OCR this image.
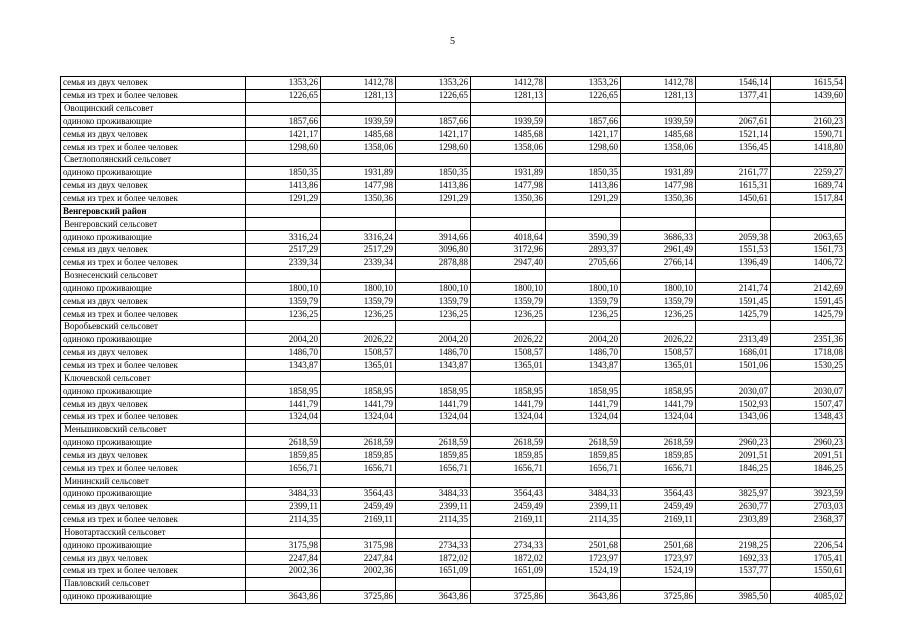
5
семья из двух человек	1353,26	1412,78	1353,26	1412,78	1353,26	1412,78	1546,14	1615,54
семья из трех и более человек	1226,65	1281,13	1226,65	1281,13	1226,65	1281,13	1377,41	1439,60
Овощинский сельсовет								
одиноко проживающие	1857,66	1939,59	1857,66	1939,59	1857,66	1939,59	2067,61	2160,23
семья из двух человек	1421,17	1485,68	1421,17	1485,68	1421,17	1485,68	1521,14	1590,71
семья из трех и более человек	1298,60	1358,06	1298,60	1358,06	1298,60	1358,06	1356,45	1418,80
Светлополянский сельсовет								
одиноко проживающие	1850,35	1931,89	1850,35	1931,89	1850,35	1931,89	2161,77	2259,27
семья из двух человек	1413,86	1477,98	1413,86	1477,98	1413,86	1477,98	1615,31	1689,74
семья из трех и более человек	1291,29	1350,36	1291,29	1350,36	1291,29	1350,36	1450,61	1517,84
Венгеровский район								
Венгеровский сельсовет								
одиноко проживающие	3316,24	3316,24	3914,66	4018,64	3590,39	3686,33	2059,38	2063,65
семья из двух человек	2517,29	2517,29	3096,80	3172,96	2893,37	2961,49	1551,53	1561,73
семья из трех и более человек	2339,34	2339,34	2878,88	2947,40	2705,66	2766,14	1396,49	1406,72
Вознесенский сельсовет								
одиноко проживающие	1800,10	1800,10	1800,10	1800,10	1800,10	1800,10	2141,74	2142,69
семья из двух человек	1359,79	1359,79	1359,79	1359,79	1359,79	1359,79	1591,45	1591,45
семья из трех и более человек	1236,25	1236,25	1236,25	1236,25	1236,25	1236,25	1425,79	1425,79
Воробьевский сельсовет								
одиноко проживающие	2004,20	2026,22	2004,20	2026,22	2004,20	2026,22	2313,49	2351,36
семья из двух человек	1486,70	1508,57	1486,70	1508,57	1486,70	1508,57	1686,01	1718,08
семья из трех и более человек	1343,87	1365,01	1343,87	1365,01	1343,87	1365,01	1501,06	1530,25
Ключевской сельсовет								
одиноко проживающие	1858,95	1858,95	1858,95	1858,95	1858,95	1858,95	2030,07	2030,07
семья из двух человек	1441,79	1441,79	1441,79	1441,79	1441,79	1441,79	1502,93	1507,47
семья из трех и более человек	1324,04	1324,04	1324,04	1324,04	1324,04	1324,04	1343,06	1348,43
Меньшиковский сельсовет								
одиноко проживающие	2618,59	2618,59	2618,59	2618,59	2618,59	2618,59	2960,23	2960,23
семья из двух человек	1859,85	1859,85	1859,85	1859,85	1859,85	1859,85	2091,51	2091,51
семья из трех и более человек	1656,71	1656,71	1656,71	1656,71	1656,71	1656,71	1846,25	1846,25
Мининский сельсовет								
одиноко проживающие	3484,33	3564,43	3484,33	3564,43	3484,33	3564,43	3825,97	3923,59
семья из двух человек	2399,11	2459,49	2399,11	2459,49	2399,11	2459,49	2630,77	2703,03
семья из трех и более человек	2114,35	2169,11	2114,35	2169,11	2114,35	2169,11	2303,89	2368,37
Новотартасский сельсовет								
одиноко проживающие	3175,98	3175,98	2734,33	2734,33	2501,68	2501,68	2198,25	2206,54
семья из двух человек	2247,84	2247,84	1872,02	1872,02	1723,97	1723,97	1692,33	1705,41
семья из трех и более человек	2002,36	2002,36	1651,09	1651,09	1524,19	1524,19	1537,77	1550,61
Павловский сельсовет								
одиноко проживающие	3643,86	3725,86	3643,86	3725,86	3643,86	3725,86	3985,50	4085,02
